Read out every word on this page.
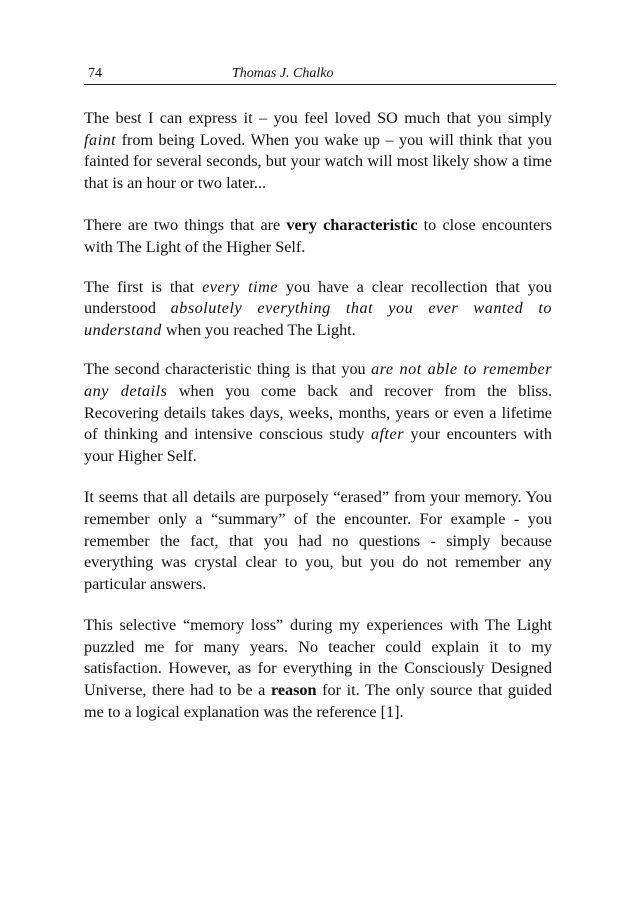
74	Thomas J. Chalko

The best I can express it – you feel loved SO much that you simply faint from being Loved. When you wake up – you will think that you fainted for several seconds, but your watch will most likely show a time that is an hour or two later...

There are two things that are very characteristic to close encounters with The Light of the Higher Self.

The first is that every time you have a clear recollection that you understood absolutely everything that you ever wanted to understand when you reached The Light.

The second characteristic thing is that you are not able to remember any details when you come back and recover from the bliss. Recovering details takes days, weeks, months, years or even a lifetime of thinking and intensive conscious study after your encounters with your Higher Self.

It seems that all details are purposely “erased” from your memory. You remember only a “summary” of the encounter. For example - you remember the fact, that you had no questions - simply because everything was crystal clear to you, but you do not remember any particular answers.

This selective “memory loss” during my experiences with The Light puzzled me for many years. No teacher could explain it to my satisfaction. However, as for everything in the Consciously Designed Universe, there had to be a reason for it. The only source that guided me to a logical explanation was the reference [1].
